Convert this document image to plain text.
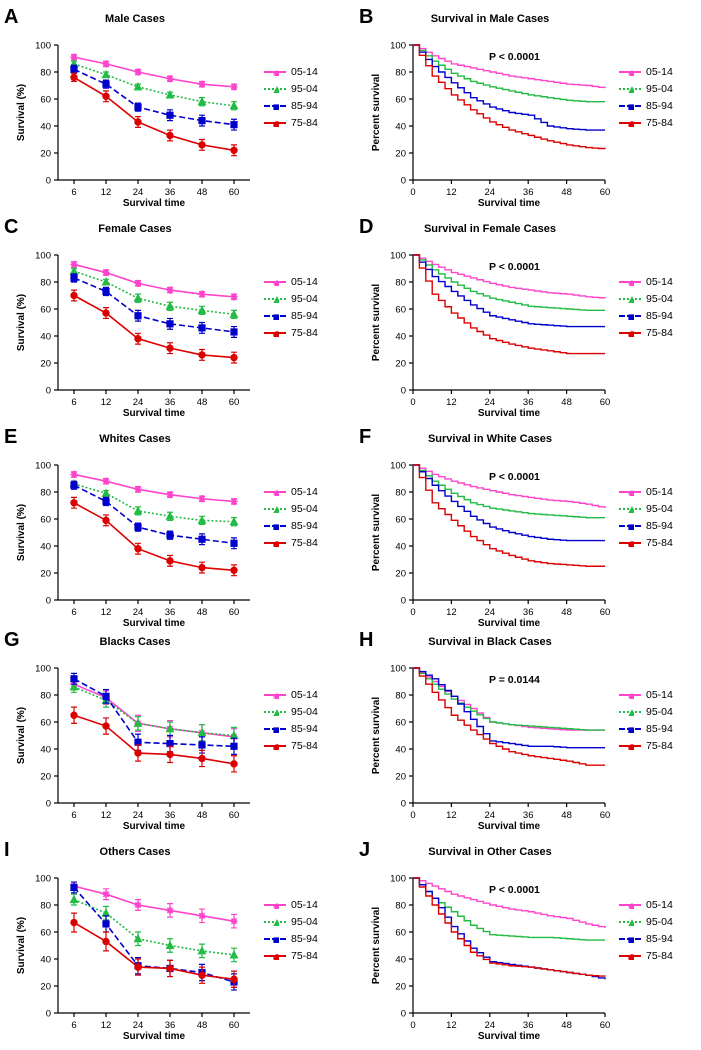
A	Male Cases
0
20
40
60
80
100
6	12 24 36 48 60
Survival time
Survival (%)
05-14
95-04
85-94
75-84
B	Survival in Male Cases
0
20
40
60
80
100
0	12	24	36	48	60
Survival time
Percent survival
P < 0.0001
05-14
95-04
85-94
75-84
C	Female Cases
0
20
40
60
80
100
6	12 24 36 48 60
Survival time
Survival (%)
05-14
95-04
85-94
75-84
D	Survival in Female Cases
0
20
40
60
80
100
0	12	24	36	48	60
Survival time
Percent survival
P < 0.0001
05-14
95-04
85-94
75-84
E	Whites Cases
0
20
40
60
80
100
6	12 24 36 48 60
Survival time
Survival (%)
05-14
95-04
85-94
75-84
F	Survival in White Cases
0
20
40
60
80
100
0	12	24	36	48	60
Survival time
Percent survival
P < 0.0001
05-14
95-04
85-94
75-84
G	Blacks Cases
0
20
40
60
80
100
6	12 24 36 48 60
Survival time
Survival (%)
05-14
95-04
85-94
75-84
H	Survival in Black Cases
0
20
40
60
80
100
0	12	24	36	48	60
Survival time
Percent survival
P = 0.0144
05-14
95-04
85-94
75-84
I	Others Cases
0
20
40
60
80
100
6	12 24 36 48 60
Survival time
Survival (%)
05-14
95-04
85-94
75-84
J	Survival in Other Cases
0
20
40
60
80
100
0	12	24	36	48	60
Survival time
Percent survival
P < 0.0001
05-14
95-04
85-94
75-84
